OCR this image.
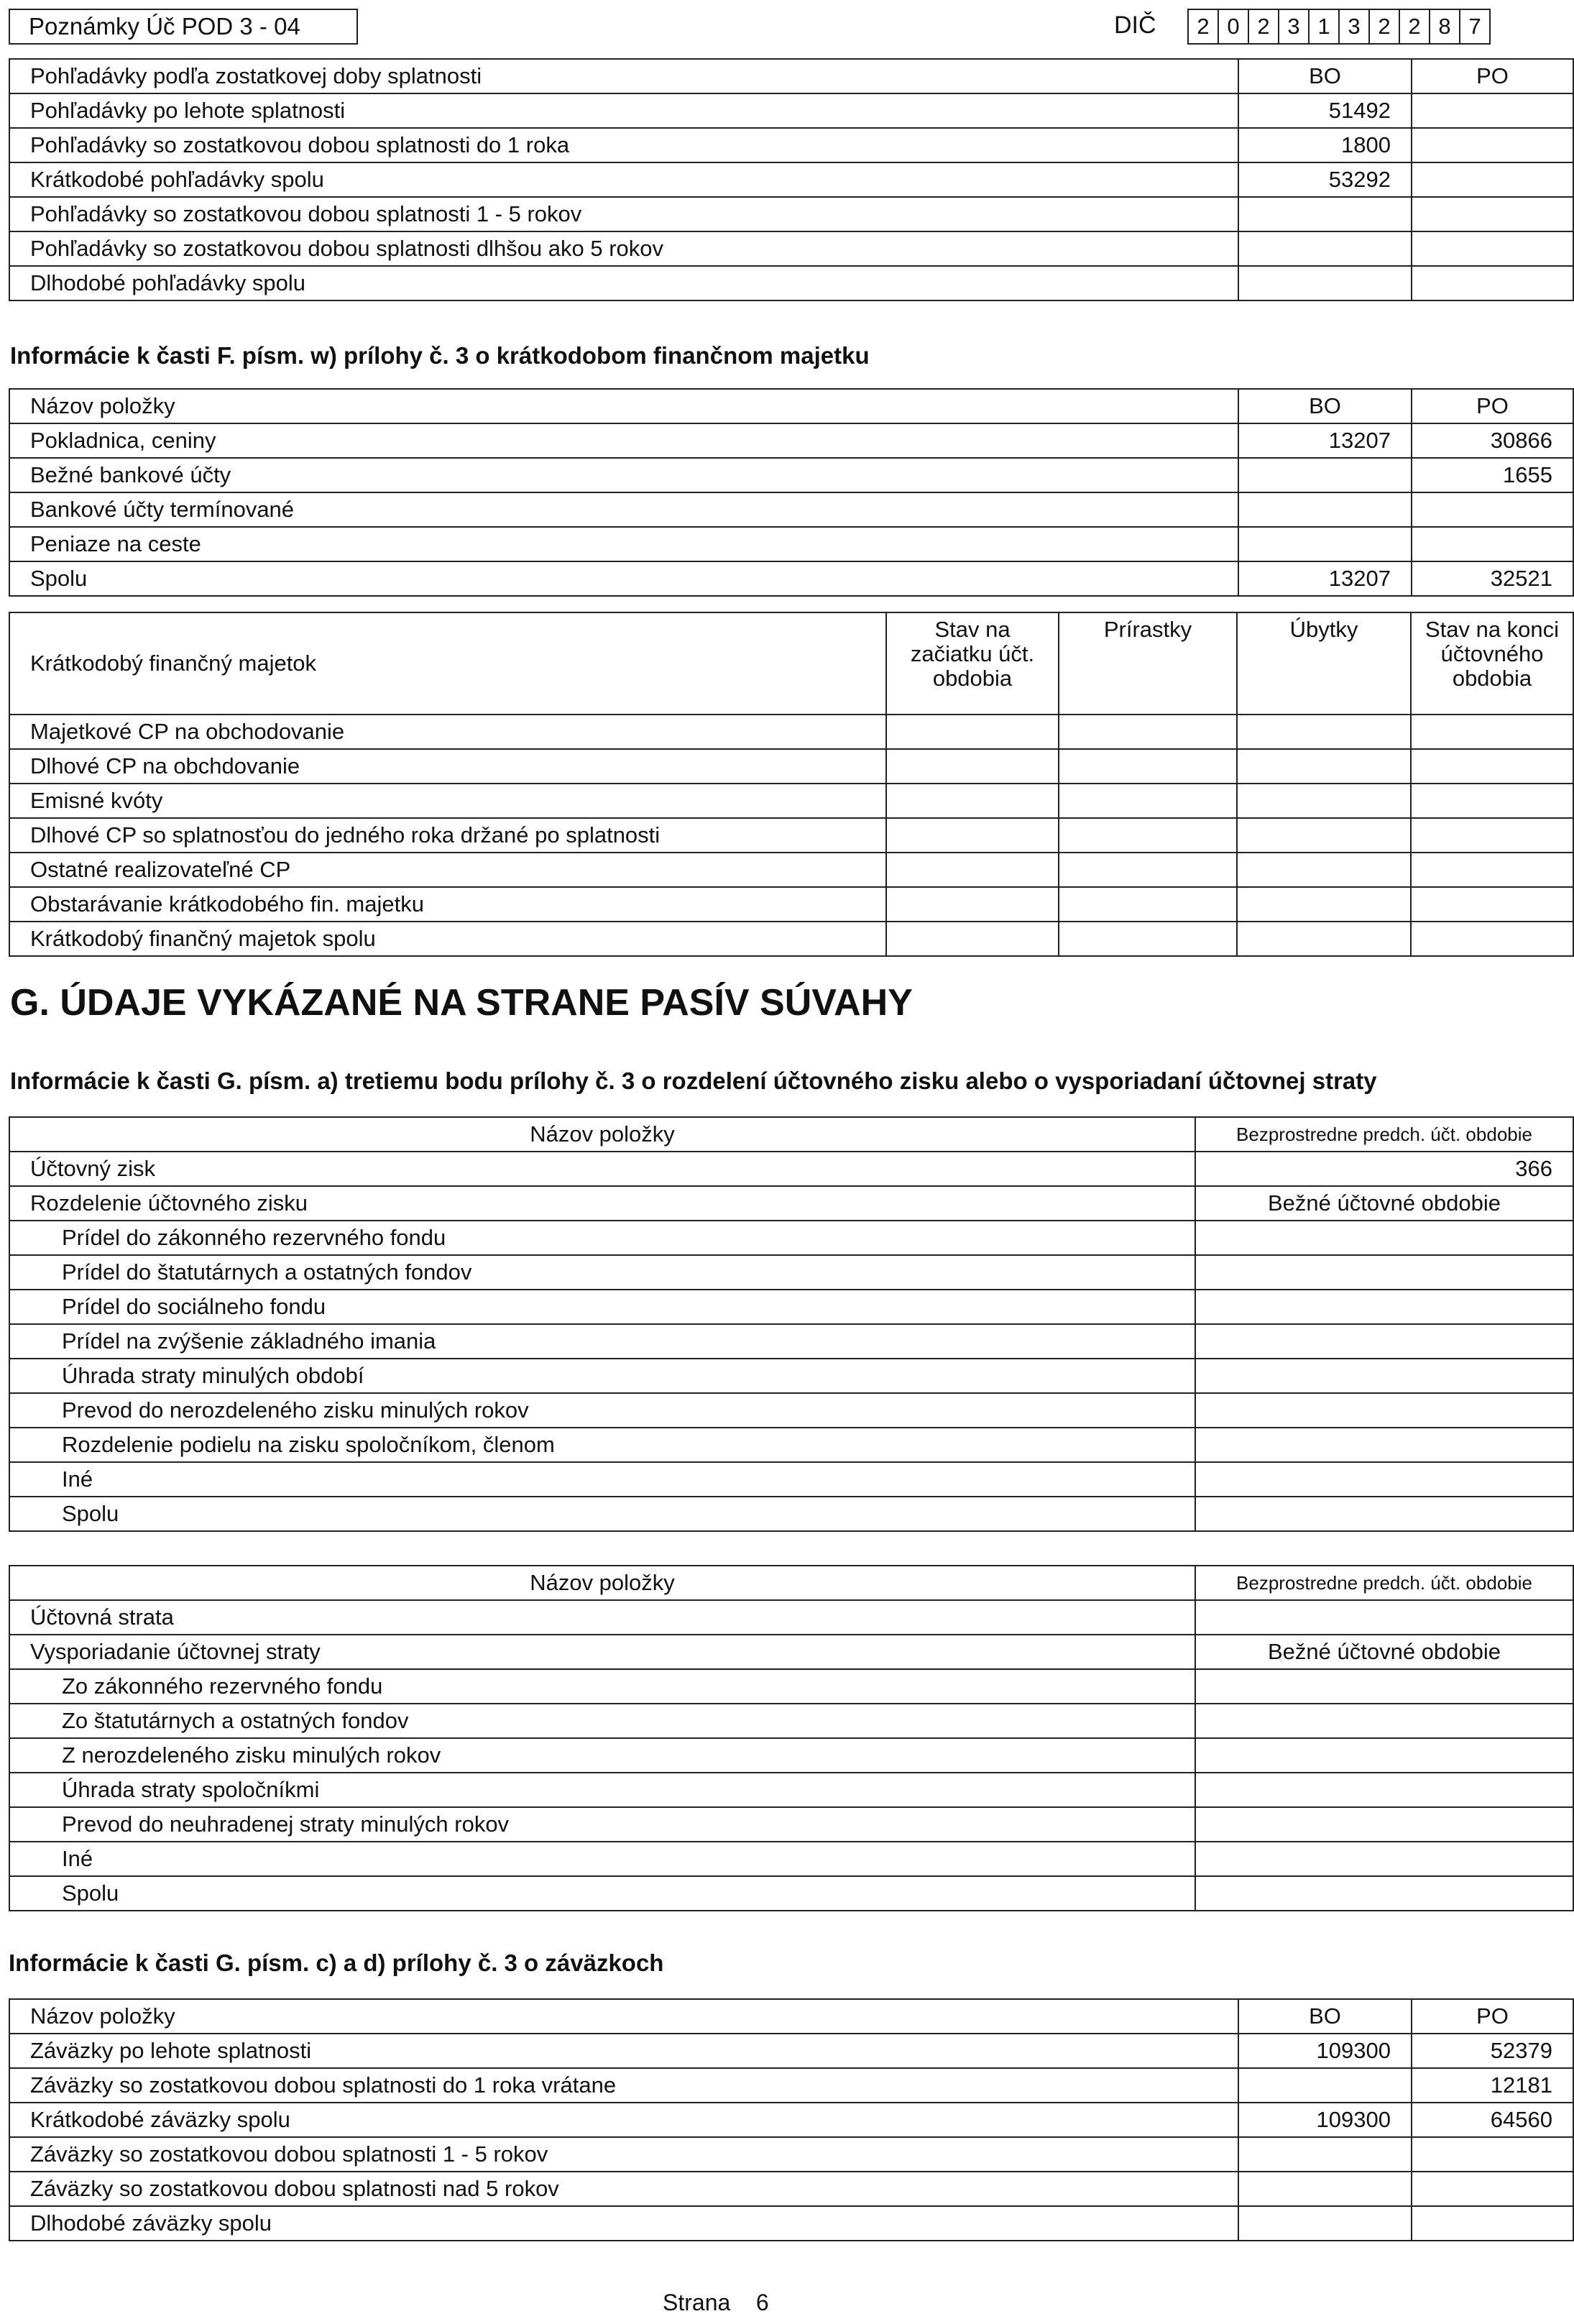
Poznámky Úč POD 3 - 04	DIČ	2 0 2 3 1 3 2 2 8 7
Pohľadávky podľa zostatkovej doby splatnosti	BO	PO
Pohľadávky po lehote splatnosti	51492	
Pohľadávky so zostatkovou dobou splatnosti do 1 roka	1800	
Krátkodobé pohľadávky spolu	53292	
Pohľadávky so zostatkovou dobou splatnosti 1 - 5 rokov		
Pohľadávky so zostatkovou dobou splatnosti dlhšou ako 5 rokov		
Dlhodobé pohľadávky spolu		
Informácie k časti F. písm. w) prílohy č. 3 o krátkodobom finančnom majetku
Názov položky	BO	PO
Pokladnica, ceniny	13207	30866
Bežné bankové účty		1655
Bankové účty termínované		
Peniaze na ceste		
Spolu	13207	32521
Krátkodobý finančný majetok	Stav na začiatku účt. obdobia	Prírastky	Úbytky	Stav na konci účtovného obdobia
Majetkové CP na obchodovanie				
Dlhové CP na obchdovanie				
Emisné kvóty				
Dlhové CP so splatnosťou do jedného roka držané po splatnosti				
Ostatné realizovateľné CP				
Obstarávanie krátkodobého fin. majetku				
Krátkodobý finančný majetok spolu				
G. ÚDAJE VYKÁZANÉ NA STRANE PASÍV SÚVAHY
Informácie k časti G. písm. a) tretiemu bodu prílohy č. 3 o rozdelení účtovného zisku alebo o vysporiadaní účtovnej straty
Názov položky	Bezprostredne predch. účt. obdobie
Účtovný zisk	366
Rozdelenie účtovného zisku	Bežné účtovné obdobie
Prídel do zákonného rezervného fondu	
Prídel do štatutárnych a ostatných fondov	
Prídel do sociálneho fondu	
Prídel na zvýšenie základného imania	
Úhrada straty minulých období	
Prevod do nerozdeleného zisku minulých rokov	
Rozdelenie podielu na zisku spoločníkom, členom	
Iné	
Spolu	
Názov položky	Bezprostredne predch. účt. obdobie
Účtovná strata	
Vysporiadanie účtovnej straty	Bežné účtovné obdobie
Zo zákonného rezervného fondu	
Zo štatutárnych a ostatných fondov	
Z nerozdeleného zisku minulých rokov	
Úhrada straty spoločníkmi	
Prevod do neuhradenej straty minulých rokov	
Iné	
Spolu	
Informácie k časti G. písm. c) a d) prílohy č. 3 o záväzkoch
Názov položky	BO	PO
Záväzky po lehote splatnosti	109300	52379
Záväzky so zostatkovou dobou splatnosti do 1 roka vrátane		12181
Krátkodobé záväzky spolu	109300	64560
Záväzky so zostatkovou dobou splatnosti 1 - 5 rokov		
Záväzky so zostatkovou dobou splatnosti nad 5 rokov		
Dlhodobé záväzky spolu		
Strana 6
